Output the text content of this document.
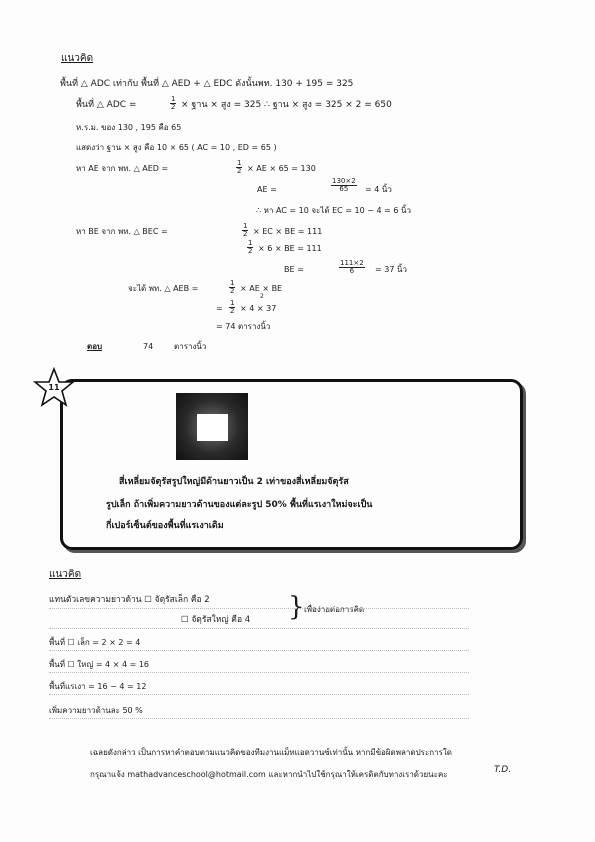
แนวคิด
พื้นที่ △ ADC เท่ากับ พื้นที่ △ AED + △ EDC ดังนั้นพท. 130 + 195 = 325
พื้นที่ △ ADC =	$\frac{1}{2}$ × ฐาน × สูง = 325 ∴ ฐาน × สูง = 325 × 2 = 650
ห.ร.ม. ของ 130 , 195 คือ 65
แสดงว่า ฐาน × สูง คือ 10 × 65 ( AC = 10 , ED = 65 )
หา AE จาก พท. △ AED =	$\frac{1}{2}$ × AE × 65 = 130
AE =	$\frac{130\times 2}{65} = 4$ นิ้ว
∴ หา AC = 10 จะได้ EC = 10 − 4 = 6 นิ้ว
หา BE จาก พท. △ BEC =	$\frac{1}{2}$ × EC × BE = 111
$\frac{1}{2} \times 6$ × BE = 111
BE =	$\frac{111\times 2}{6} = 37$ นิ้ว
จะได้ พท. △ AEB =	$\frac{1}{2}$ × AE × BE
2
= $\frac{1}{2} \times 4 \times 37$
= 74 ตารางนิ้ว
ตอบ	74	ตารางนิ้ว
11
สี่เหลี่ยมจัตุรัสรูปใหญ่มีด้านยาวเป็น 2 เท่าของสี่เหลี่ยมจัตุรัส
รูปเล็ก ถ้าเพิ่มความยาวด้านของแต่ละรูป 50% พื้นที่แรเงาใหม่จะเป็น
กี่เปอร์เซ็นต์ของพื้นที่แรเงาเดิม
แนวคิด
แทนตัวเลขความยาวด้าน ☐ จัตุรัสเล็ก คือ 2
☐ จัตุรัสใหญ่ คือ 4 } เพื่อง่ายต่อการคิด
พื้นที่ ☐ เล็ก = 2 × 2 = 4
พื้นที่ ☐ ใหญ่ = 4 × 4 = 16
พื้นที่แรเงา = 16 − 4 = 12
เพิ่มความยาวด้านละ 50 %
เฉลยดังกล่าว เป็นการหาคำตอบตามแนวคิดของทีมงานแม็ทแอดวานซ์เท่านั้น หากมีข้อผิดพลาดประการใด
กรุณาแจ้ง mathadvanceschool@hotmail.com และหากนำไปใช้กรุณาให้เครดิตกับทางเราด้วยนะคะ	T.D.
